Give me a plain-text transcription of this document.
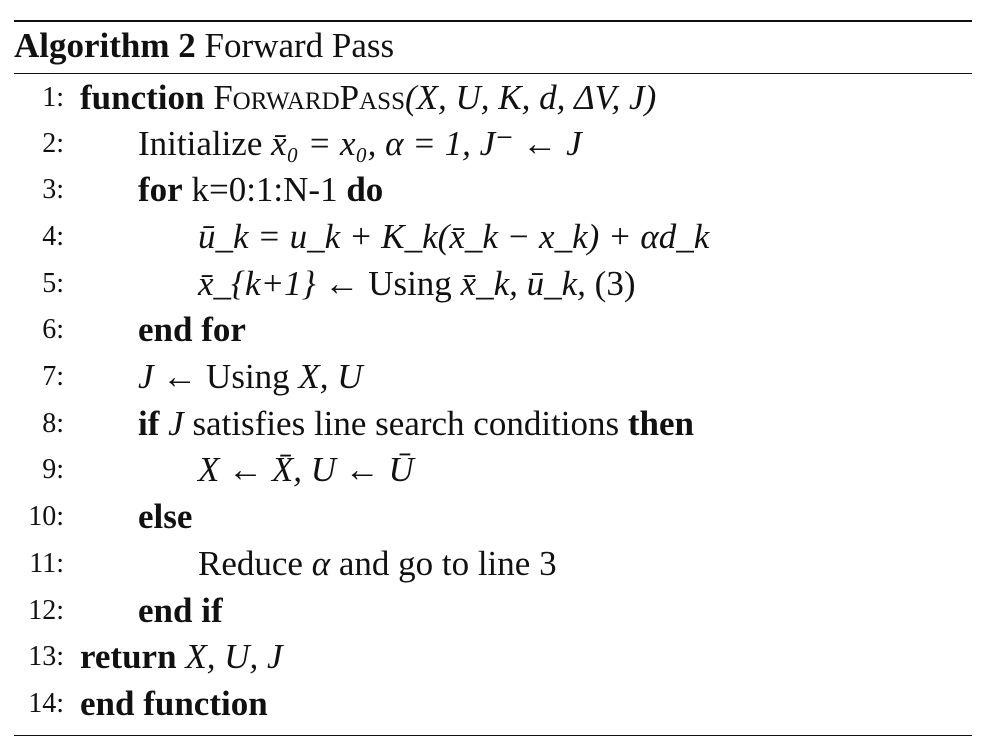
Algorithm 2 Forward Pass
1: function ForwardPass(X, U, K, d, ΔV, J)
2: Initialize x̄₀ = x₀, α = 1, J⁻ ← J
3: for k=0:1:N-1 do
4:	ū_k = u_k + K_k(x̄_k − x_k) + αd_k
5:	x̄_{k+1} ← Using x̄_k, ū_k, (3)
6: end for
7: J ← Using X, U
8: if J satisfies line search conditions then
9:	X ← X̄, U ← Ū
10: else
11:	Reduce α and go to line 3
12: end if
13: return X, U, J
14: end function
